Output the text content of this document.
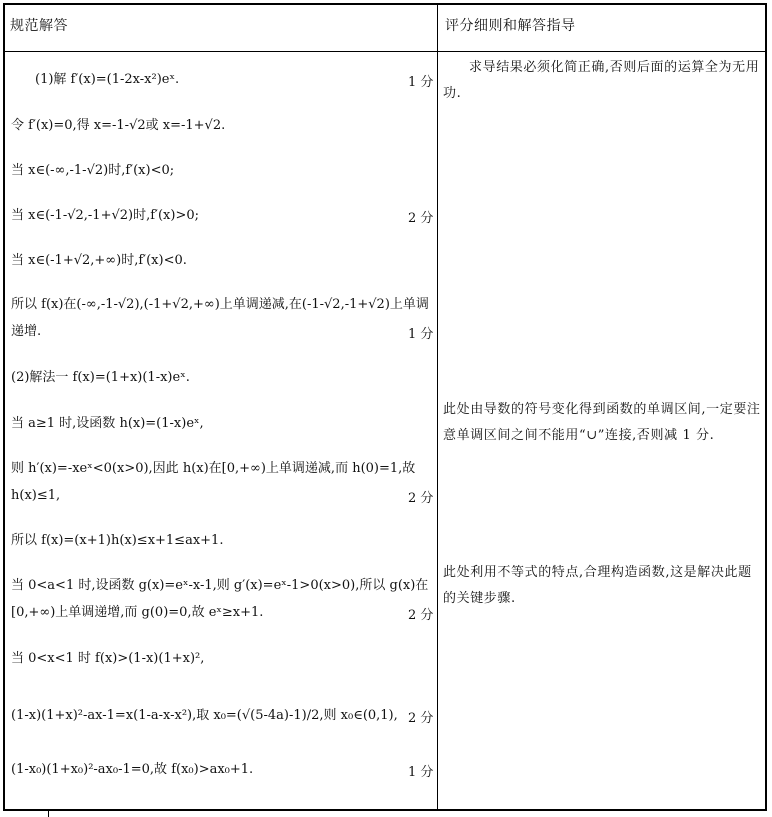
规范解答	评分细则和解答指导
(1)解 f′(x)=(1-2x-x²)eˣ.
令 f′(x)=0,得 x=-1-√2或 x=-1+√2.
当 x∈(-∞,-1-√2)时,f′(x)<0;
当 x∈(-1-√2,-1+√2)时,f′(x)>0;
当 x∈(-1+√2,+∞)时,f′(x)<0.
所以 f(x)在(-∞,-1-√2),(-1+√2,+∞)上单调递减,在(-1-√2,-1+√2)上单调
递增.
(2)解法一 f(x)=(1+x)(1-x)eˣ.
当 a≥1 时,设函数 h(x)=(1-x)eˣ,
则 h′(x)=-xeˣ<0(x>0),因此 h(x)在[0,+∞)上单调递减,而 h(0)=1,故
h(x)≤1,
所以 f(x)=(x+1)h(x)≤x+1≤ax+1.
当 0<a<1 时,设函数 g(x)=eˣ-x-1,则 g′(x)=eˣ-1>0(x>0),所以 g(x)在
[0,+∞)上单调递增,而 g(0)=0,故 eˣ≥x+1.
当 0<x<1 时 f(x)>(1-x)(1+x)²,
(1-x)(1+x)²-ax-1=x(1-a-x-x²),取 x₀=(√(5-4a)-1)/2,则 x₀∈(0,1),
(1-x₀)(1+x₀)²-ax₀-1=0,故 f(x₀)>ax₀+1.
1 分
2 分
1 分
2 分
2 分
2 分
1 分
求导结果必须化简正确,否则后面的运算全为无用功.
此处由导数的符号变化得到函数的单调区间,一定要注意单调区间之间不能用“∪”连接,否则减 1 分.
此处利用不等式的特点,合理构造函数,这是解决此题的关键步骤.
